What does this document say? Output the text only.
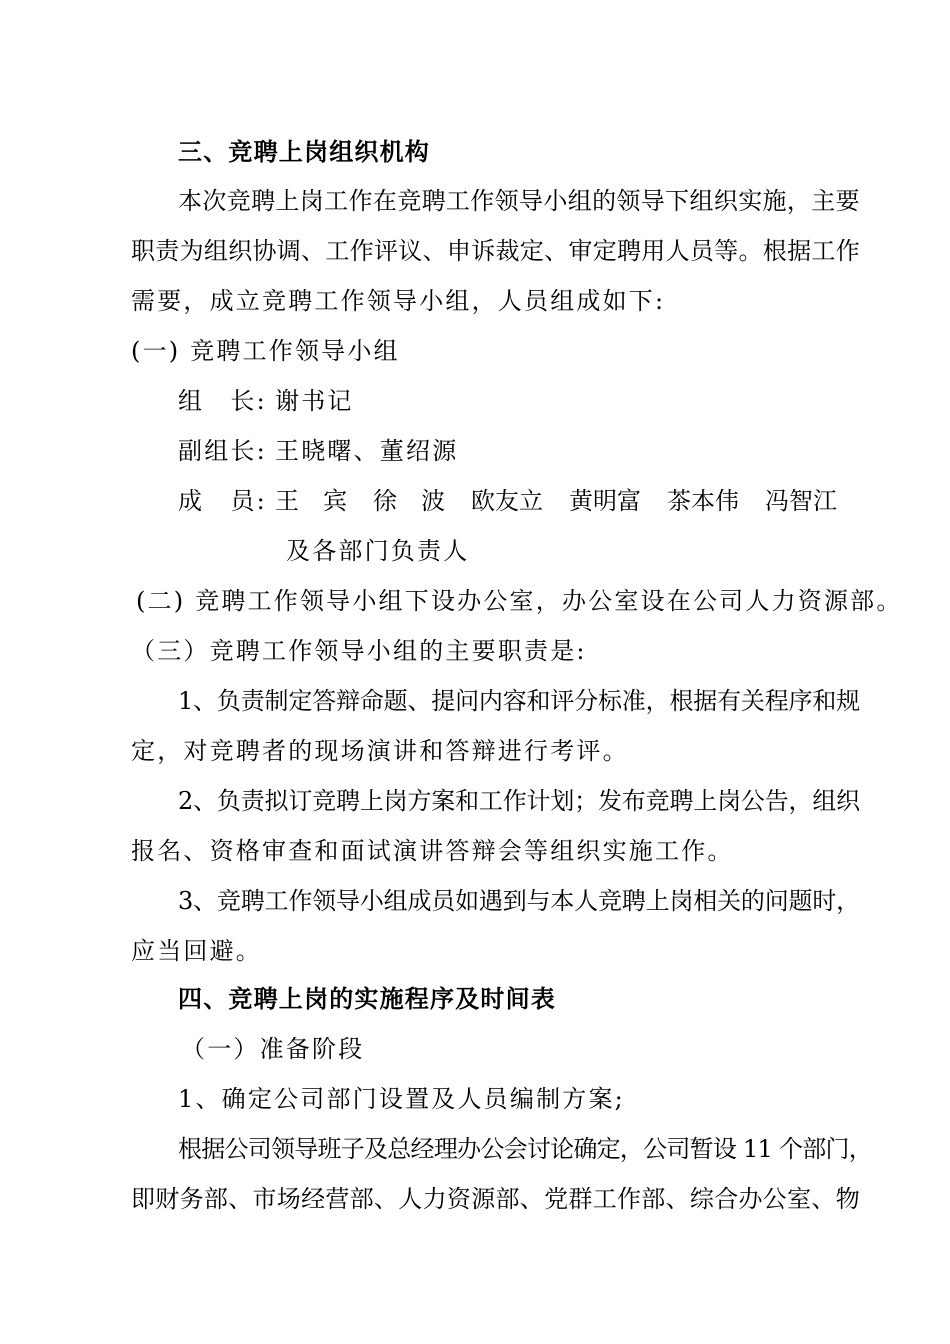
三、竞聘上岗组织机构
本次竞聘上岗工作在竞聘工作领导小组的领导下组织实施，主要
职责为组织协调、工作评议、申诉裁定、审定聘用人员等。根据工作
需要，成立竞聘工作领导小组，人员组成如下:
(一) 竞聘工作领导小组
组　长: 谢书记
副组长: 王晓曙、董绍源
成　员: 王　宾 徐　波 欧友立 黄明富 茶本伟 冯智江
及各部门负责人
(二) 竞聘工作领导小组下设办公室，办公室设在公司人力资源部。
（三）竞聘工作领导小组的主要职责是:
1、负责制定答辩命题、提问内容和评分标准，根据有关程序和规
定，对竞聘者的现场演讲和答辩进行考评。
2、负责拟订竞聘上岗方案和工作计划；发布竞聘上岗公告，组织
报名、资格审查和面试演讲答辩会等组织实施工作。
3、竞聘工作领导小组成员如遇到与本人竞聘上岗相关的问题时，
应当回避。
四、竞聘上岗的实施程序及时间表
（一）准备阶段
1、确定公司部门设置及人员编制方案;
根据公司领导班子及总经理办公会讨论确定，公司暂设 11 个部门，
即财务部、市场经营部、人力资源部、党群工作部、综合办公室、物
